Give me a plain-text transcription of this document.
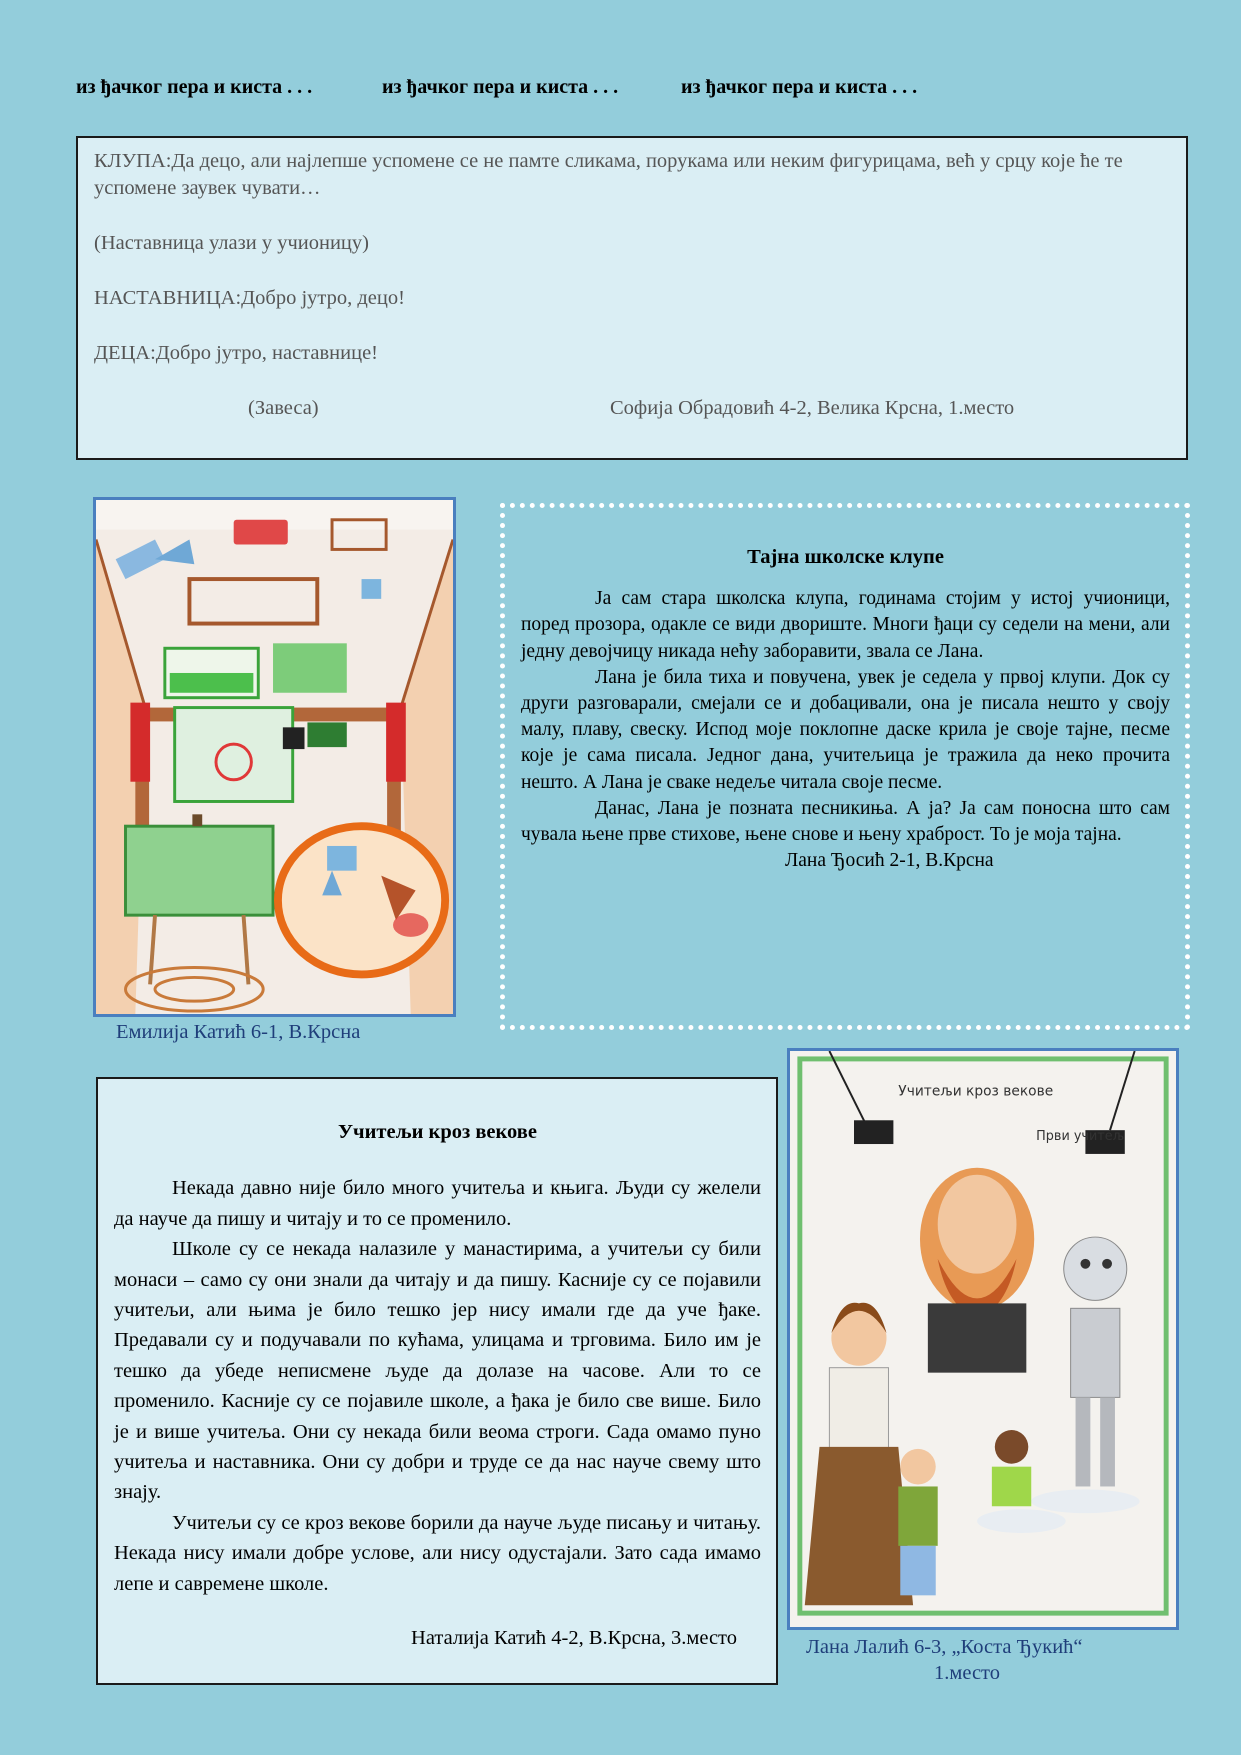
из ђачког пера и киста . . .	из ђачког пера и киста . . .	из ђачког пера и киста . . .

КЛУПА:Да децо, али најлепше успомене се не памте сликама, порукама или неким фигурицама, већ у срцу које ће те успомене заувек чувати…

(Наставница улази у учионицу)

НАСТАВНИЦА:Добро јутро, децо!

ДЕЦА:Добро јутро, наставнице!

(Завеса)	Софија Обрадовић 4-2, Велика Крсна, 1.место
Емилија Катић 6-1, В.Крсна
Тајна школске клупе

Ја сам стара школска клупа, годинама стојим у истој учионици, поред прозора, одакле се види двориште. Многи ђаци су седели на мени, али једну девојчицу никада нећу заборавити, звала се Лана.

Лана је била тиха и повучена, увек је седела у првој клупи. Док су други разговарали, смејали се и добацивали, она је писала нешто у своју малу, плаву, свеску. Испод моје поклопне даске крила је своје тајне, песме које је сама писала. Једног дана, учитељица је тражила да неко прочита нешто. А Лана је сваке недеље читала своје песме.

Данас, Лана је позната песникиња. А ја? Ја сам поносна што сам чувала њене прве стихове, њене снове и њену храброст. То је моја тајна.

Лана Ђосић 2-1, В.Крсна
Учитељи кроз векове

Некада давно није било много учитеља и књига. Људи су желели да науче да пишу и читају и то се променило.

Школе су се некада налазиле у манастирима, а учитељи су били монаси – само су они знали да читају и да пишу. Касније су се појавили учитељи, али њима је било тешко јер нису имали где да уче ђаке. Предавали су и подучавали по кућама, улицама и трговима. Било им је тешко да убеде неписмене људе да долазе на часове. Али то се променило. Касније су се појавиле школе, а ђака је било све више. Било је и више учитеља. Они су некада били веома строги. Сада омамо пуно учитеља и наставника. Они су добри и труде се да нас науче свему што знају.

Учитељи су се кроз векове борили да науче људе писању и читању. Некада нису имали добре услове, али нису одустајали. Зато сада имамо лепе и савремене школе.

Наталија Катић 4-2, В.Крсна, 3.место
Учитељи кроз векове
Први учитељ
Лана Лалић 6-3, „Коста Ђукић“
1.место
